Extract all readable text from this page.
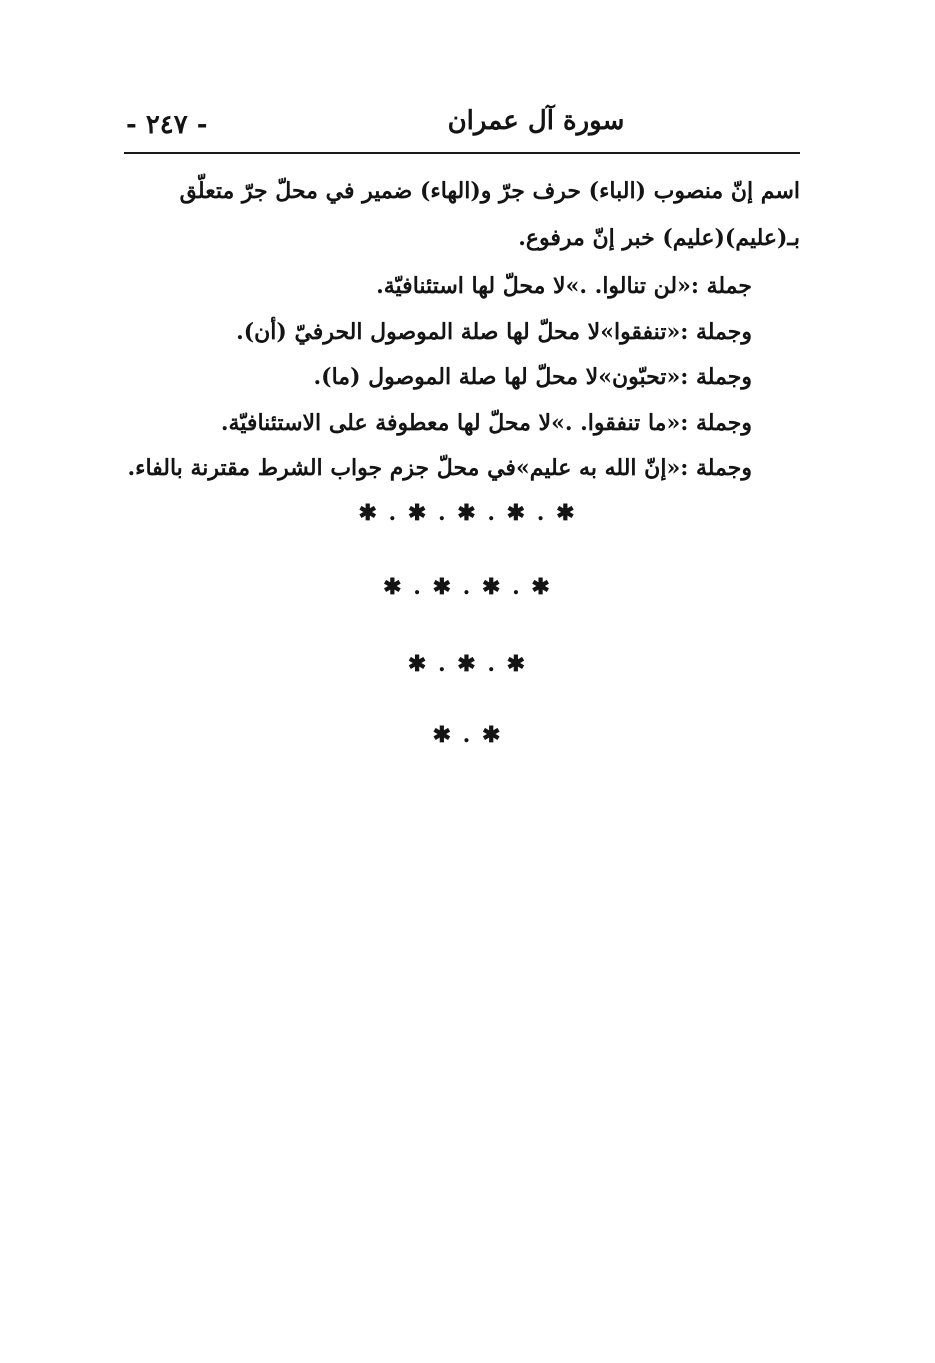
- ٢٤٧ -	سورة آل عمران
اسم إنّ منصوب (الباء) حرف جرّ و(الهاء) ضمير في محلّ جرّ متعلّق
بـ(عليم)(عليم) خبر إنّ مرفوع.
جملة :«لن تنالوا. .»لا محلّ لها استئنافيّة.
وجملة :«تنفقوا»لا محلّ لها صلة الموصول الحرفيّ (أن).
وجملة :«تحبّون»لا محلّ لها صلة الموصول (ما).
وجملة :«ما تنفقوا. .»لا محلّ لها معطوفة على الاستئنافيّة.
وجملة :«إنّ الله به عليم»في محلّ جزم جواب الشرط مقترنة بالفاء.
✱ . ✱ . ✱ . ✱ . ✱
✱ . ✱ . ✱ . ✱
✱ . ✱ . ✱
✱ . ✱
